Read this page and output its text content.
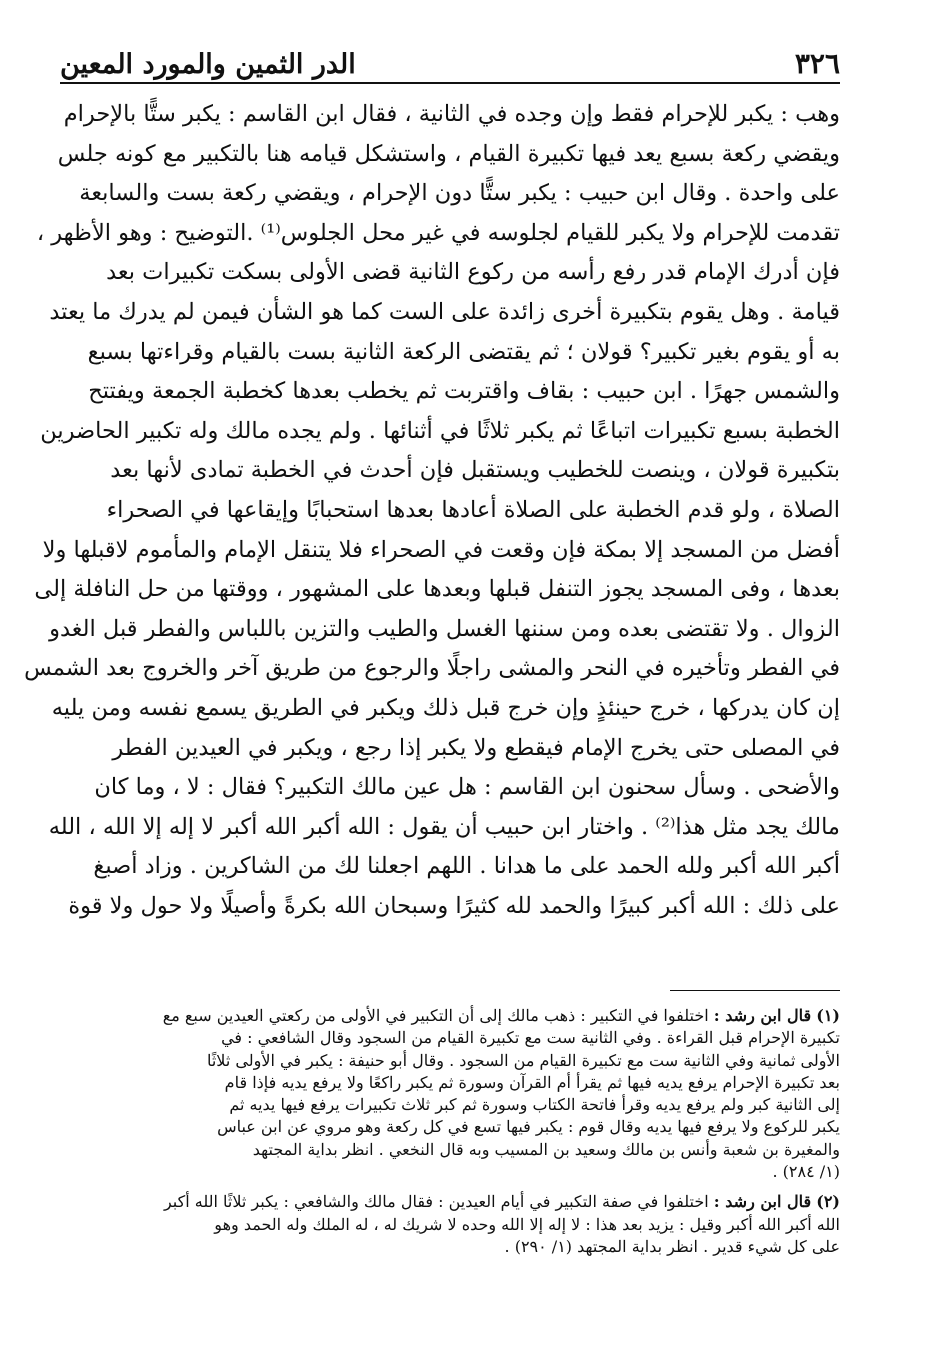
٣٢٦
الدر الثمين والمورد المعين
وهب : يكبر للإحرام فقط وإن وجده في الثانية ، فقال ابن القاسم : يكبر ستًّا بالإحرام
ويقضي ركعة بسبع يعد فيها تكبيرة القيام ، واستشكل قيامه هنا بالتكبير مع كونه جلس
على واحدة . وقال ابن حبيب : يكبر ستًّا دون الإحرام ، ويقضي ركعة بست والسابعة
تقدمت للإحرام ولا يكبر للقيام لجلوسه في غير محل الجلوس⁽¹⁾ .التوضيح : وهو الأظهر ،
فإن أدرك الإمام قدر رفع رأسه من ركوع الثانية قضى الأولى بسكت تكبيرات بعد
قيامة . وهل يقوم بتكبيرة أخرى زائدة على الست كما هو الشأن فيمن لم يدرك ما يعتد
به أو يقوم بغير تكبير؟ قولان ؛ ثم يقتضى الركعة الثانية بست بالقيام وقراءتها بسبع
والشمس جهرًا . ابن حبيب : بقاف واقتربت ثم يخطب بعدها كخطبة الجمعة ويفتتح
الخطبة بسبع تكبيرات اتباعًا ثم يكبر ثلاثًا في أثنائها . ولم يجده مالك وله تكبير الحاضرين
بتكبيرة قولان ، وينصت للخطيب ويستقبل فإن أحدث في الخطبة تمادى لأنها بعد
الصلاة ، ولو قدم الخطبة على الصلاة أعادها بعدها استحبابًا وإيقاعها في الصحراء
أفضل من المسجد إلا بمكة فإن وقعت في الصحراء فلا يتنقل الإمام والمأموم لاقبلها ولا
بعدها ، وفى المسجد يجوز التنفل قبلها وبعدها على المشهور ، ووقتها من حل النافلة إلى
الزوال . ولا تقتضى بعده ومن سننها الغسل والطيب والتزين باللباس والفطر قبل الغدو
في الفطر وتأخيره في النحر والمشى راجلًا والرجوع من طريق آخر والخروج بعد الشمس
إن كان يدركها ، خرج حينئذٍ وإن خرج قبل ذلك ويكبر في الطريق يسمع نفسه ومن يليه
في المصلى حتى يخرج الإمام فيقطع ولا يكبر إذا رجع ، ويكبر في العيدين الفطر
والأضحى . وسأل سحنون ابن القاسم : هل عين مالك التكبير؟ فقال : لا ، وما كان
مالك يجد مثل هذا⁽²⁾ . واختار ابن حبيب أن يقول : الله أكبر الله أكبر لا إله إلا الله ، الله
أكبر الله أكبر ولله الحمد على ما هدانا . اللهم اجعلنا لك من الشاكرين . وزاد أصبغ
على ذلك : الله أكبر كبيرًا والحمد لله كثيرًا وسبحان الله بكرةً وأصيلًا ولا حول ولا قوة
(١) قال ابن رشد : اختلفوا في التكبير : ذهب مالك إلى أن التكبير في الأولى من ركعتي العيدين سبع مع
تكبيرة الإحرام قبل القراءة . وفي الثانية ست مع تكبيرة القيام من السجود وقال الشافعي : في
الأولى ثمانية وفي الثانية ست مع تكبيرة القيام من السجود . وقال أبو حنيفة : يكبر في الأولى ثلاثًا
بعد تكبيرة الإحرام يرفع يديه فيها ثم يقرأ أم القرآن وسورة ثم يكبر راكعًا ولا يرفع يديه فإذا قام
إلى الثانية كبر ولم يرفع يديه وقرأ فاتحة الكتاب وسورة ثم كبر ثلاث تكبيرات يرفع فيها يديه ثم
يكبر للركوع ولا يرفع فيها يديه وقال قوم : يكبر فيها تسع في كل ركعة وهو مروي عن ابن عباس
والمغيرة بن شعبة وأنس بن مالك وسعيد بن المسيب وبه قال النخعي . انظر بداية المجتهد
(١/ ٢٨٤) .
(٢) قال ابن رشد : اختلفوا في صفة التكبير في أيام العيدين : فقال مالك والشافعي : يكبر ثلاثًا الله أكبر
الله أكبر الله أكبر وقيل : يزيد بعد هذا : لا إله إلا الله وحده لا شريك له ، له الملك وله الحمد وهو
على كل شيء قدير . انظر بداية المجتهد (١/ ٢٩٠) .
